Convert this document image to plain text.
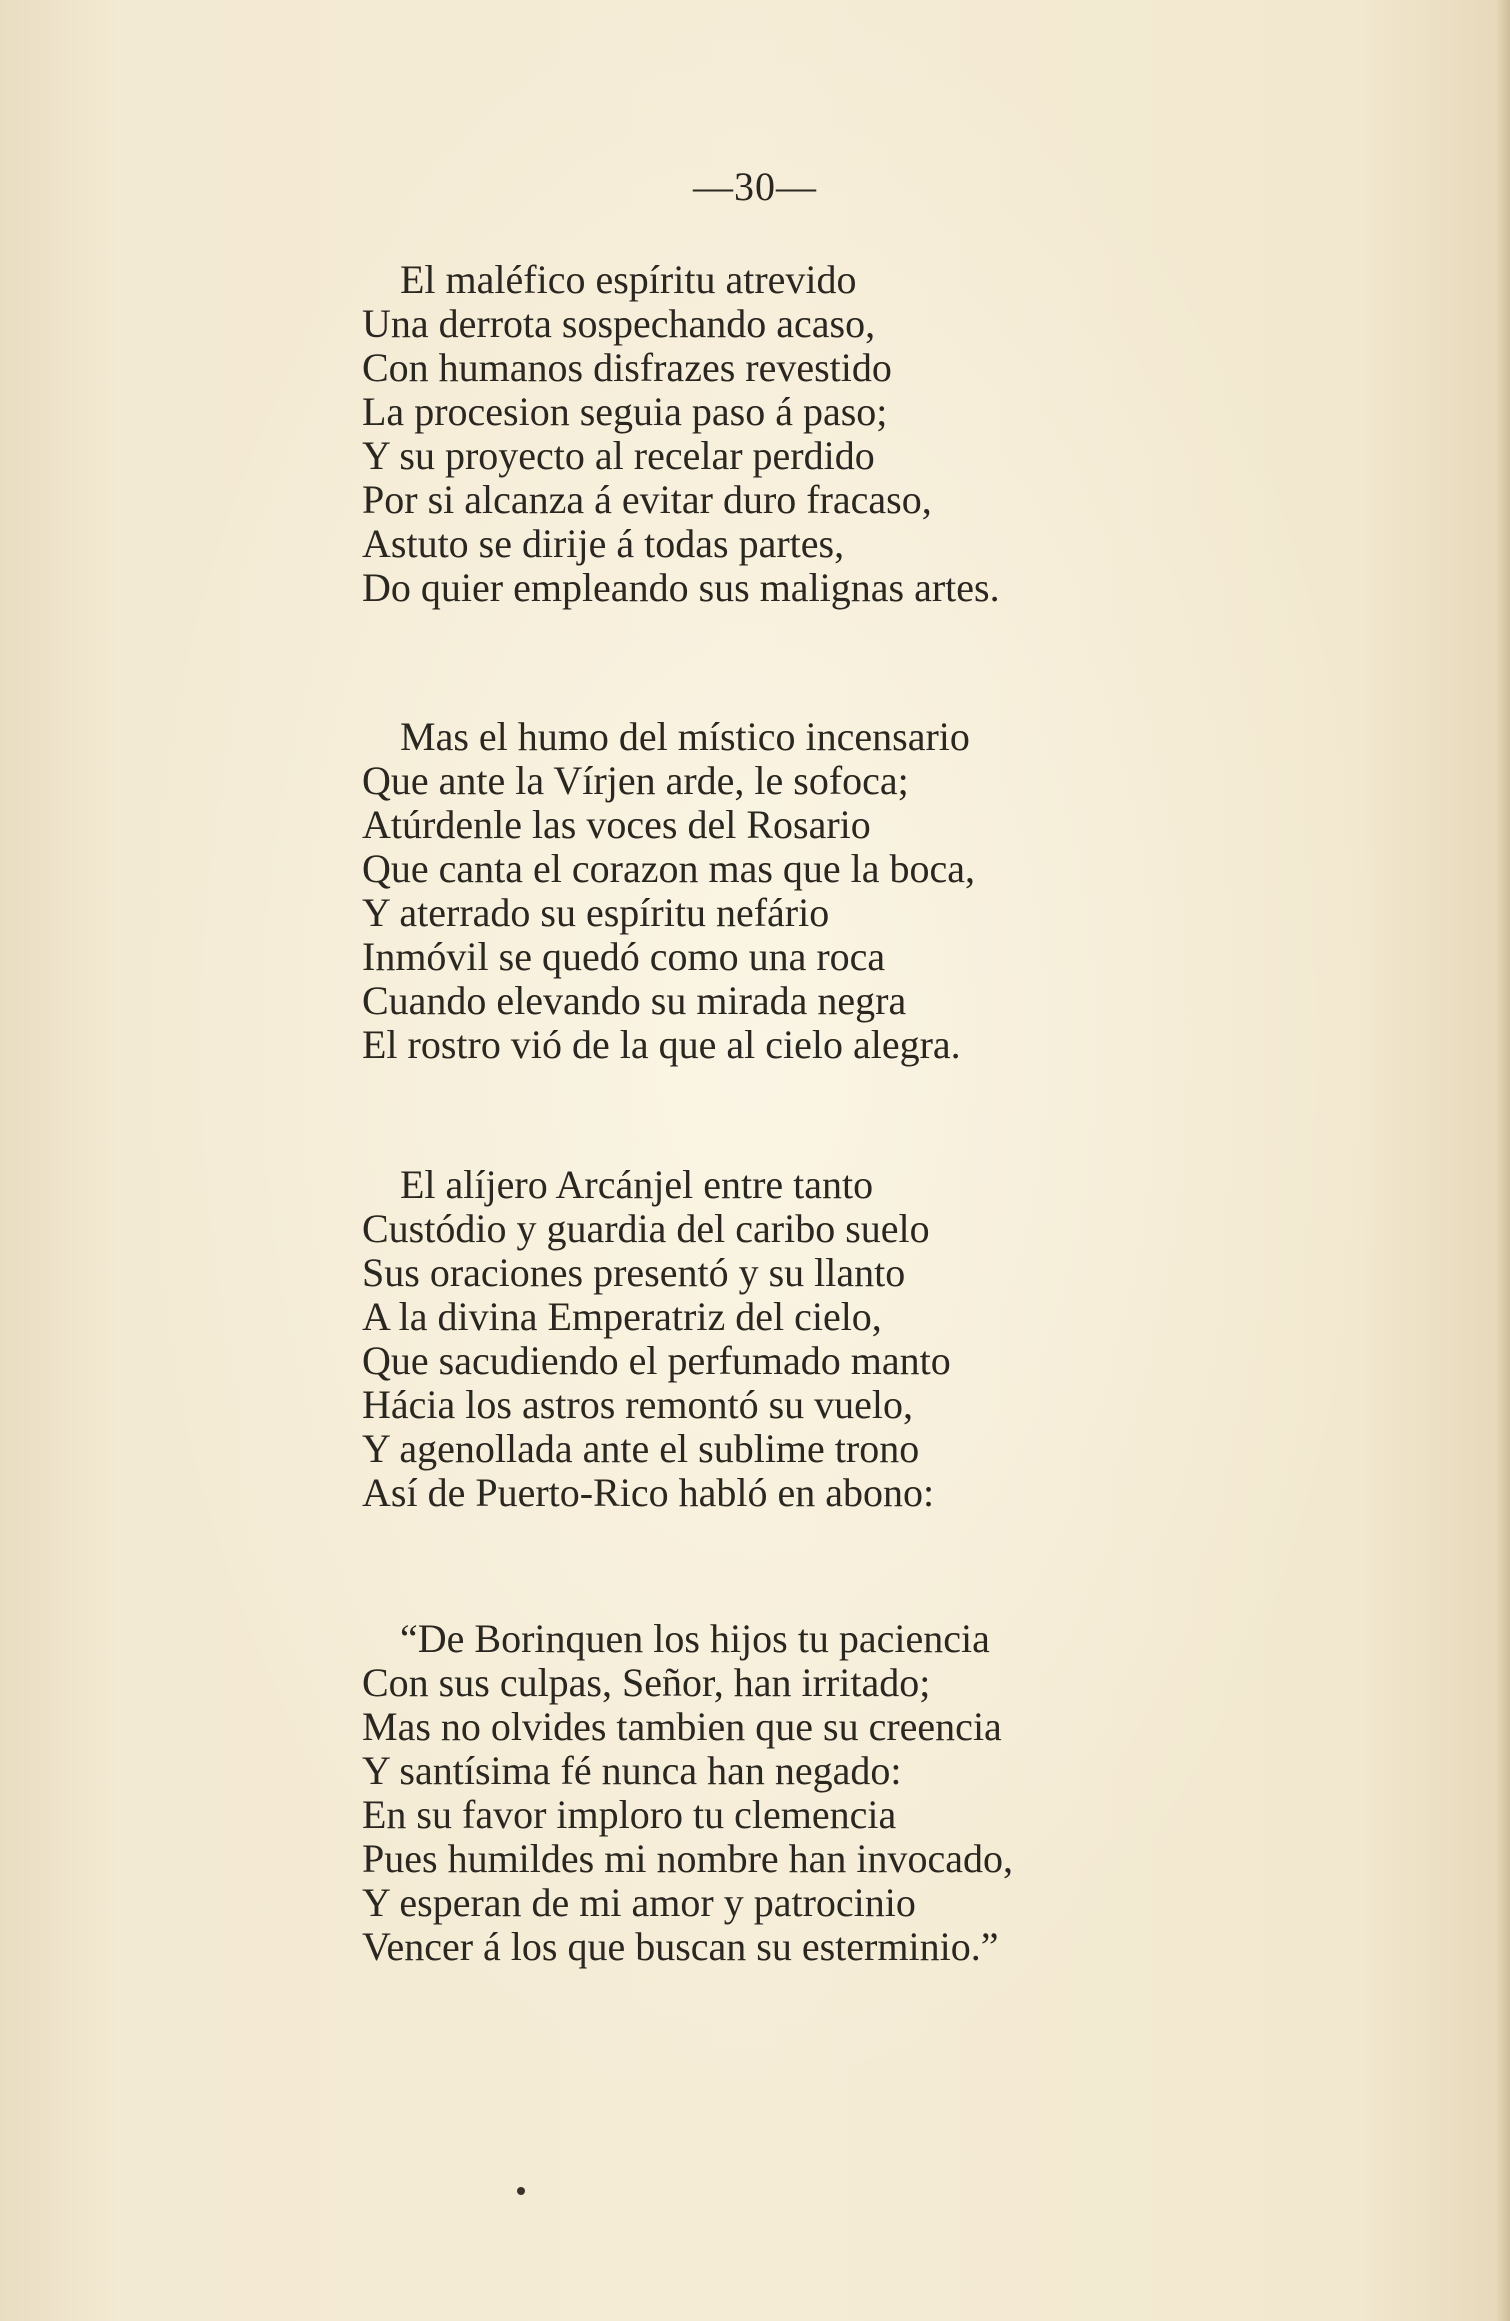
—30—
El maléfico espíritu atrevido
Una derrota sospechando acaso,
Con humanos disfrazes revestido
La procesion seguia paso á paso;
Y su proyecto al recelar perdido
Por si alcanza á evitar duro fracaso,
Astuto se dirije á todas partes,
Do quier empleando sus malignas artes.
Mas el humo del místico incensario
Que ante la Vírjen arde, le sofoca;
Atúrdenle las voces del Rosario
Que canta el corazon mas que la boca,
Y aterrado su espíritu nefário
Inmóvil se quedó como una roca
Cuando elevando su mirada negra
El rostro vió de la que al cielo alegra.
El alíjero Arcánjel entre tanto
Custódio y guardia del caribo suelo
Sus oraciones presentó y su llanto
A la divina Emperatriz del cielo,
Que sacudiendo el perfumado manto
Hácia los astros remontó su vuelo,
Y agenollada ante el sublime trono
Así de Puerto-Rico habló en abono:
“De Borinquen los hijos tu paciencia
Con sus culpas, Señor, han irritado;
Mas no olvides tambien que su creencia
Y santísima fé nunca han negado:
En su favor imploro tu clemencia
Pues humildes mi nombre han invocado,
Y esperan de mi amor y patrocinio
Vencer á los que buscan su esterminio.”
